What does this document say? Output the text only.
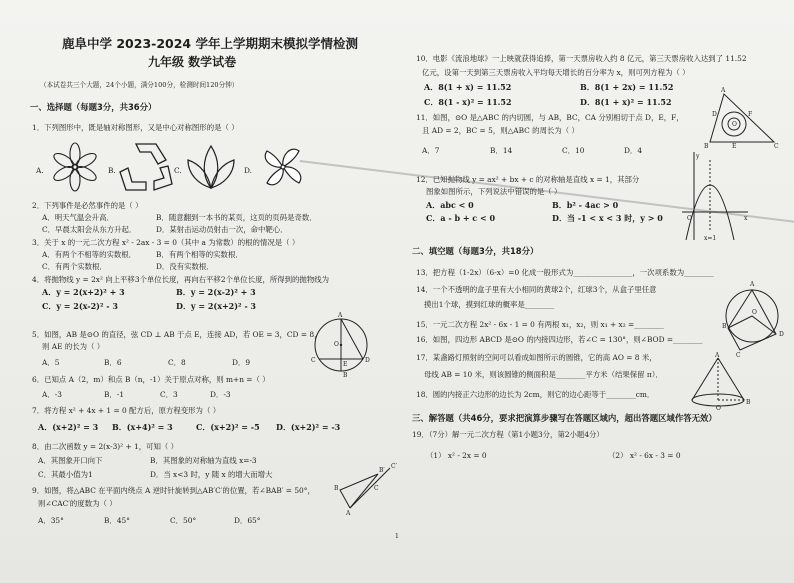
鹿阜中学 2023-2024 学年上学期期末模拟学情检测
九年级 数学试卷
（本试卷共三个大题，24个小题，满分100分，检测时间120分钟）
一、选择题（每题3分，共36分）
1．下列图形中，既是轴对称图形，又是中心对称图形的是（ ）
A.	B.	C.	D.
2．下列事件是必然事件的是（ ）
A．明天气温会升高．	B．随意翻到一本书的某页，这页的页码是奇数．
C．早晨太阳会从东方升起．	D．某射击运动员射击一次，命中靶心．
3．关于 x 的一元二次方程 x² - 2ax - 3 = 0（其中 a 为常数）的根的情况是（ ）
A．有两个不相等的实数根．	B．有两个相等的实数根．
C．有两个实数根．	D．没有实数根．
4．将抛物线 y = 2x² 向上平移3个单位长度，再向右平移2个单位长度，所得到的抛物线为
A．y = 2(x+2)² + 3	B．y = 2(x-2)² + 3
C．y = 2(x-2)² - 3	D．y = 2(x+2)² - 3
5．如图，AB 是⊙O 的直径，弦 CD ⊥ AB 于点 E，连接 AD，若 OE = 3，CD = 8，
则 AE 的长为（ ）
A．5	B．6	C．8	D．9
A
C
O
E
D
B
6．已知点 A（2，m）和点 B（n，-1）关于原点对称，则 m+n =（ ）
A．-3	B．-1	C．3	D．-3
7．将方程 x² + 4x + 1 = 0 配方后，原方程变形为（ ）
A．(x+2)² = 3 B．(x+4)² = 3	C．(x+2)² = -5 D．(x+2)² = -3
8．由二次函数 y = 2(x-3)² + 1，可知（ ）
A．其图象开口向下	B．其图象的对称轴为直线 x=-3
C．其最小值为1	D．当 x<3 时，y 随 x 的增大而增大
9．如图，将△ABC 在平面内绕点 A 逆时针旋转到△AB′C′的位置，若∠BAB′ = 50°，
则∠CAC′的度数为（ ）
A．35°	B．45°	C．50°	D．65°
B′
C′
B
A
C
10．电影《流浪地球》一上映就获得追捧，第一天票房收入约 8 亿元，第三天票房收入达到了 11.52
亿元，设第一天到第三天票房收入平均每天增长的百分率为 x，则可列方程为（ ）
A．8(1 + x) = 11.52	B．8(1 + 2x) = 11.52
C．8(1 - x)² = 11.52	D．8(1 + x)² = 11.52
11．如图，⊙O 是△ABC 的内切圆，与 AB，BC，CA 分别相切于点 D，E，F，
且 AD = 2，BC = 5，则△ABC 的周长为（ ）
A．7	B．14	C．10	D．4
A
D	F
O
B	E	C
12．已知抛物线 y = ax² + bx + c 的对称轴是直线 x = 1，其部分
图象如图所示，下列说法中错误的是（ ）
A．abc < 0	B．b² - 4ac > 0
C．a - b + c < 0	D．当 -1 < x < 3 时，y > 0
y
O	x
x=1
二、填空题（每题3分，共18分）
13．把方程（1-2x）（6-x）=0 化成一般形式为________________，一次项系数为________
14．一个不透明的盒子里有大小相同的黄球2个，红球3个，从盒子里任意
摸出1个球，摸到红球的概率是________
15．一元二次方程 2x² - 6x - 1 = 0 有两根 x₁，x₂，则 x₁ + x₂ =________
16．如图，四边形 ABCD 是⊙O 的内接四边形，若∠C = 130°，则∠BOD =________
A
B
O
D
C
17．某盏路灯照射的空间可以看成如图所示的圆锥，它的高 AO = 8 米，
母线 AB = 10 米，则该圆锥的侧面积是________平方米（结果保留 π）．
18．圆的内接正六边形的边长为 2cm，则它的边心距等于________cm．
A
B
O
三、解答题（共46分，要求把演算步骤写在答题区域内，超出答题区域作答无效）
19．（7分）解一元二次方程（第1小题3分，第2小题4分）
（1） x² - 2x = 0	（2） x² - 6x - 3 = 0
1
